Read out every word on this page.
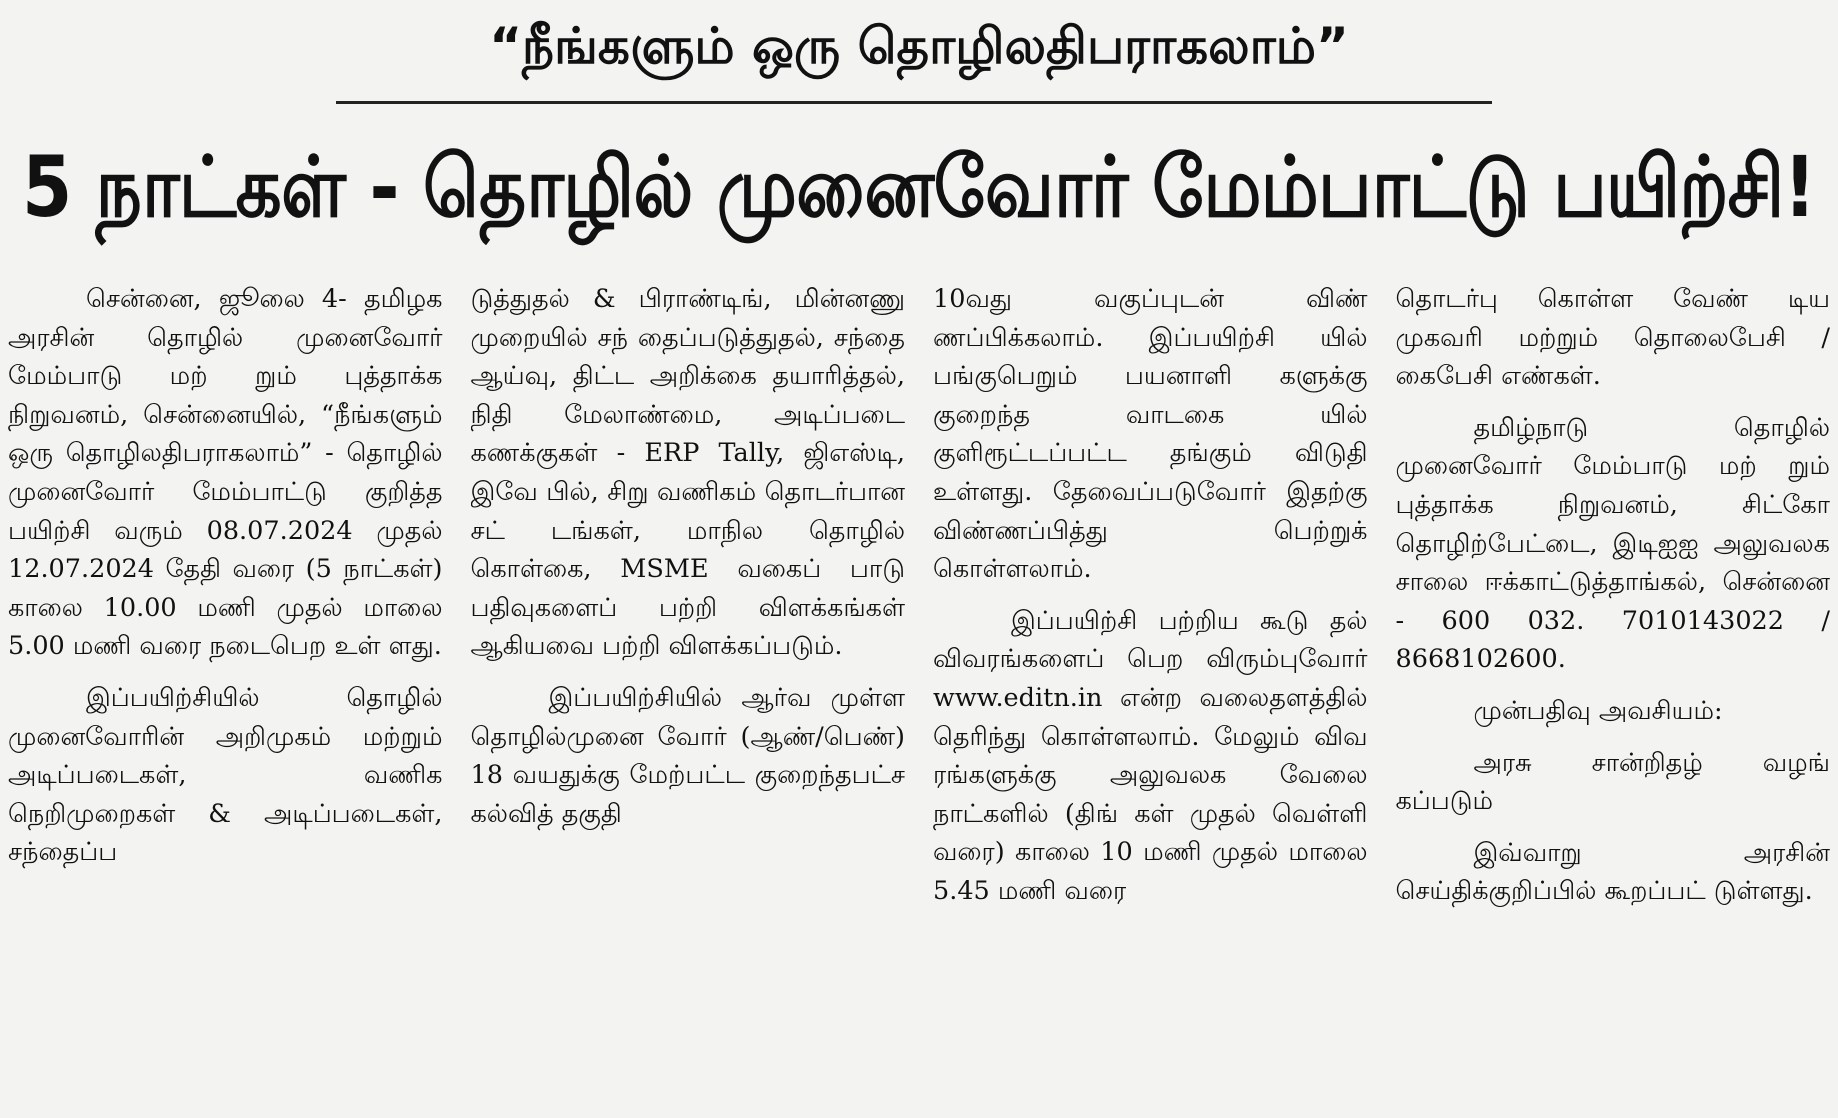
“நீங்களும் ஒரு தொழிலதிபராகலாம்”
5 நாட்கள் - தொழில் முனைவோர் மேம்பாட்டு பயிற்சி!

சென்னை, ஜூலை 4- தமிழக அரசின் தொழில் முனைவோர் மேம்பாடு மற் றும் புத்தாக்க நிறுவனம், சென்னையில், “நீங்களும் ஒரு தொழிலதிபராகலாம்” - தொழில் முனைவோர் மேம்பாட்டு குறித்த பயிற்சி வரும் 08.07.2024 முதல் 12.07.2024 தேதி வரை (5 நாட்கள்) காலை 10.00 மணி முதல் மாலை 5.00 மணி வரை நடைபெற உள் ளது.

இப்பயிற்சியில் தொழில் முனைவோரின் அறிமுகம் மற்றும் அடிப்படைகள், வணிக நெறிமுறைகள் & அடிப்படைகள், சந்தைப்ப

டுத்துதல் & பிராண்டிங், மின்னணு முறையில் சந் தைப்படுத்துதல், சந்தை ஆய்வு, திட்ட அறிக்கை தயாரித்தல், நிதி மேலாண்மை, அடிப்படை கணக்குகள் - ERP Tally, ஜிஎஸ்டி, இவே பில், சிறு வணிகம் தொடர்பான சட் டங்கள், மாநில தொழில் கொள்கை, MSME வகைப் பாடு பதிவுகளைப் பற்றி விளக்கங்கள் ஆகியவை பற்றி விளக்கப்படும்.

இப்பயிற்சியில் ஆர்வ முள்ள தொழில்முனை வோர் (ஆண்/பெண்) 18 வயதுக்கு மேற்பட்ட குறைந்தபட்ச கல்வித் தகுதி

10வது வகுப்புடன் விண் ணப்பிக்கலாம். இப்பயிற்சி யில் பங்குபெறும் பயனாளி களுக்கு குறைந்த வாடகை யில் குளிரூட்டப்பட்ட தங்கும் விடுதி உள்ளது. தேவைப்படுவோர் இதற்கு விண்ணப்பித்து பெற்றுக் கொள்ளலாம்.

இப்பயிற்சி பற்றிய கூடு தல் விவரங்களைப் பெற விரும்புவோர் www.editn.in என்ற வலைதளத்தில் தெரிந்து கொள்ளலாம். மேலும் விவ ரங்களுக்கு அலுவலக வேலை நாட்களில் (திங் கள் முதல் வெள்ளி வரை) காலை 10 மணி முதல் மாலை 5.45 மணி வரை

தொடர்பு கொள்ள வேண் டிய முகவரி மற்றும் தொலைபேசி / கைபேசி எண்கள்.

தமிழ்நாடு தொழில் முனைவோர் மேம்பாடு மற் றும் புத்தாக்க நிறுவனம், சிட்கோ தொழிற்பேட்டை, இடிஐஐ அலுவலக சாலை ஈக்காட்டுத்தாங்கல், சென்னை - 600 032. 7010143022 / 8668102600.

முன்பதிவு அவசியம்:

அரசு சான்றிதழ் வழங் கப்படும்

இவ்வாறு அரசின் செய்திக்குறிப்பில் கூறப்பட் டுள்ளது.
